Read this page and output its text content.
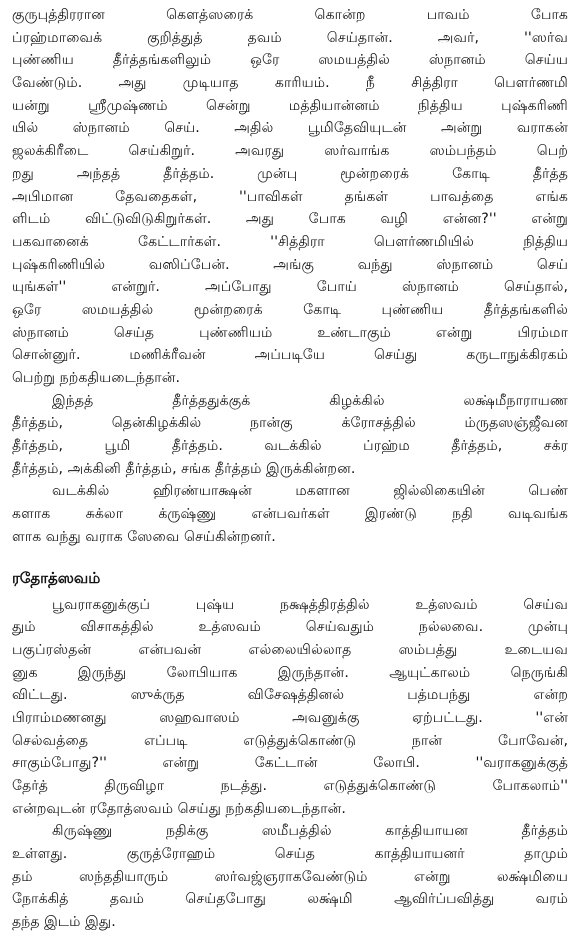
குருபுத்திரரான கௌத்ஸரைக் கொன்ற பாவம் போக
ப்ரஹ்மாவைக் குறித்துத் தவம் செய்தான். அவர், ''ஸர்வ
புண்ணிய தீர்த்தங்களிலும் ஒரே ஸமயத்தில் ஸ்நானம் செய்ய
வேண்டும். அது முடியாத காரியம். நீ சித்திரா பௌர்ணமி
யன்று ஸ்ரீமுஷ்ணம் சென்று மத்தியான்னம் நித்திய புஷ்கரிணி
யில் ஸ்நானம் செய். அதில் பூமிதேவியுடன் அன்று வராகன்
ஜலக்கிரீடை செய்கிறுர். அவரது ஸர்வாங்க ஸம்பந்தம் பெற்
றது அந்தத் தீர்த்தம். முன்பு மூன்றரைக் கோடி தீர்த்த
அபிமான தேவதைகள், ''பாவிகள் தங்கள் பாவத்தை எங்க
ளிடம் விட்டுவிடுகிறுர்கள். அது போக வழி என்ன?'' என்று
பகவானைக் கேட்டார்கள். ''சித்திரா பௌர்ணமியில் நித்திய
புஷ்கரிணியில் வஸிப்பேன். அங்கு வந்து ஸ்நானம் செய்
யுங்கள்'' என்றுர். அப்போது போய் ஸ்நானம் செய்தால்,
ஒரே ஸமயத்தில் மூன்றரைக் கோடி புண்ணிய தீர்த்தங்களில்
ஸ்நானம் செய்த புண்ணியம் உண்டாகும் என்று பிரம்மா
சொன்னுர். மணிக்ரீவன் அப்படியே செய்து கருடாநுக்கிரகம்
பெற்று நற்கதியடைந்தான்.
இந்தத் தீர்த்ததுக்குக் கிழக்கில் லக்ஷ்மீநாராயண
தீர்த்தம், தென்கிழக்கில் நான்கு க்ரோசத்தில் ம்ருதஸஞ்ஜீவன
தீர்த்தம், பூமி தீர்த்தம். வடக்கில் ப்ரஹ்ம தீர்த்தம், சக்ர
தீர்த்தம், அக்கினி தீர்த்தம், சங்க தீர்த்தம் இருக்கின்றன.
வடக்கில் ஹிரண்யாக்ஷன் மகளான ஜில்லிகையின் பெண்
களாக சுக்லா க்ருஷ்ணு என்பவர்கள் இரண்டு நதி வடிவங்க
ளாக வந்து வராக ஸேவை செய்கின்றனர்.
ரதோத்ஸவம்
பூவராகனுக்குப் புஷ்ய நக்ஷத்திரத்தில் உத்ஸவம் செய்வ
தும் விசாகத்தில் உத்ஸவம் செய்வதும் நல்லவை. முன்பு
பகுப்ரஸ்தன் என்பவன் எல்லையில்லாத ஸம்பத்து உடையவ
னுக இருந்து லோபியாக இருந்தான். ஆயுட்காலம் நெருங்கி
விட்டது. ஸுக்ருத விசேஷத்தினல் பத்மபந்து என்ற
பிராம்மணனது ஸஹவாஸம் அவனுக்கு ஏற்பட்டது. ''என்
செல்வத்தை எப்படி எடுத்துக்கொண்டு நான் போவேன்,
சாகும்போது?'' என்று கேட்டான் லோபி. ''வராகனுக்குத்
தேர்த் திருவிழா நடத்து. எடுத்துக்கொண்டு போகலாம்''
என்றவுடன் ரதோத்ஸவம் செய்து நற்கதியடைந்தான்.
கிருஷ்ணு நதிக்கு ஸமீபத்தில் காத்தியாயன தீர்த்தம்
உள்ளது. குருத்ரோஹம் செய்த காத்தியாயனர் தாமும்
தம் ஸந்ததியாரும் ஸர்வஜ்ஞராகவேண்டும் என்று லக்ஷ்மியை
நோக்கித் தவம் செய்தபோது லக்ஷ்மி ஆவிர்ப்பவித்து வரம்
தந்த இடம் இது.
